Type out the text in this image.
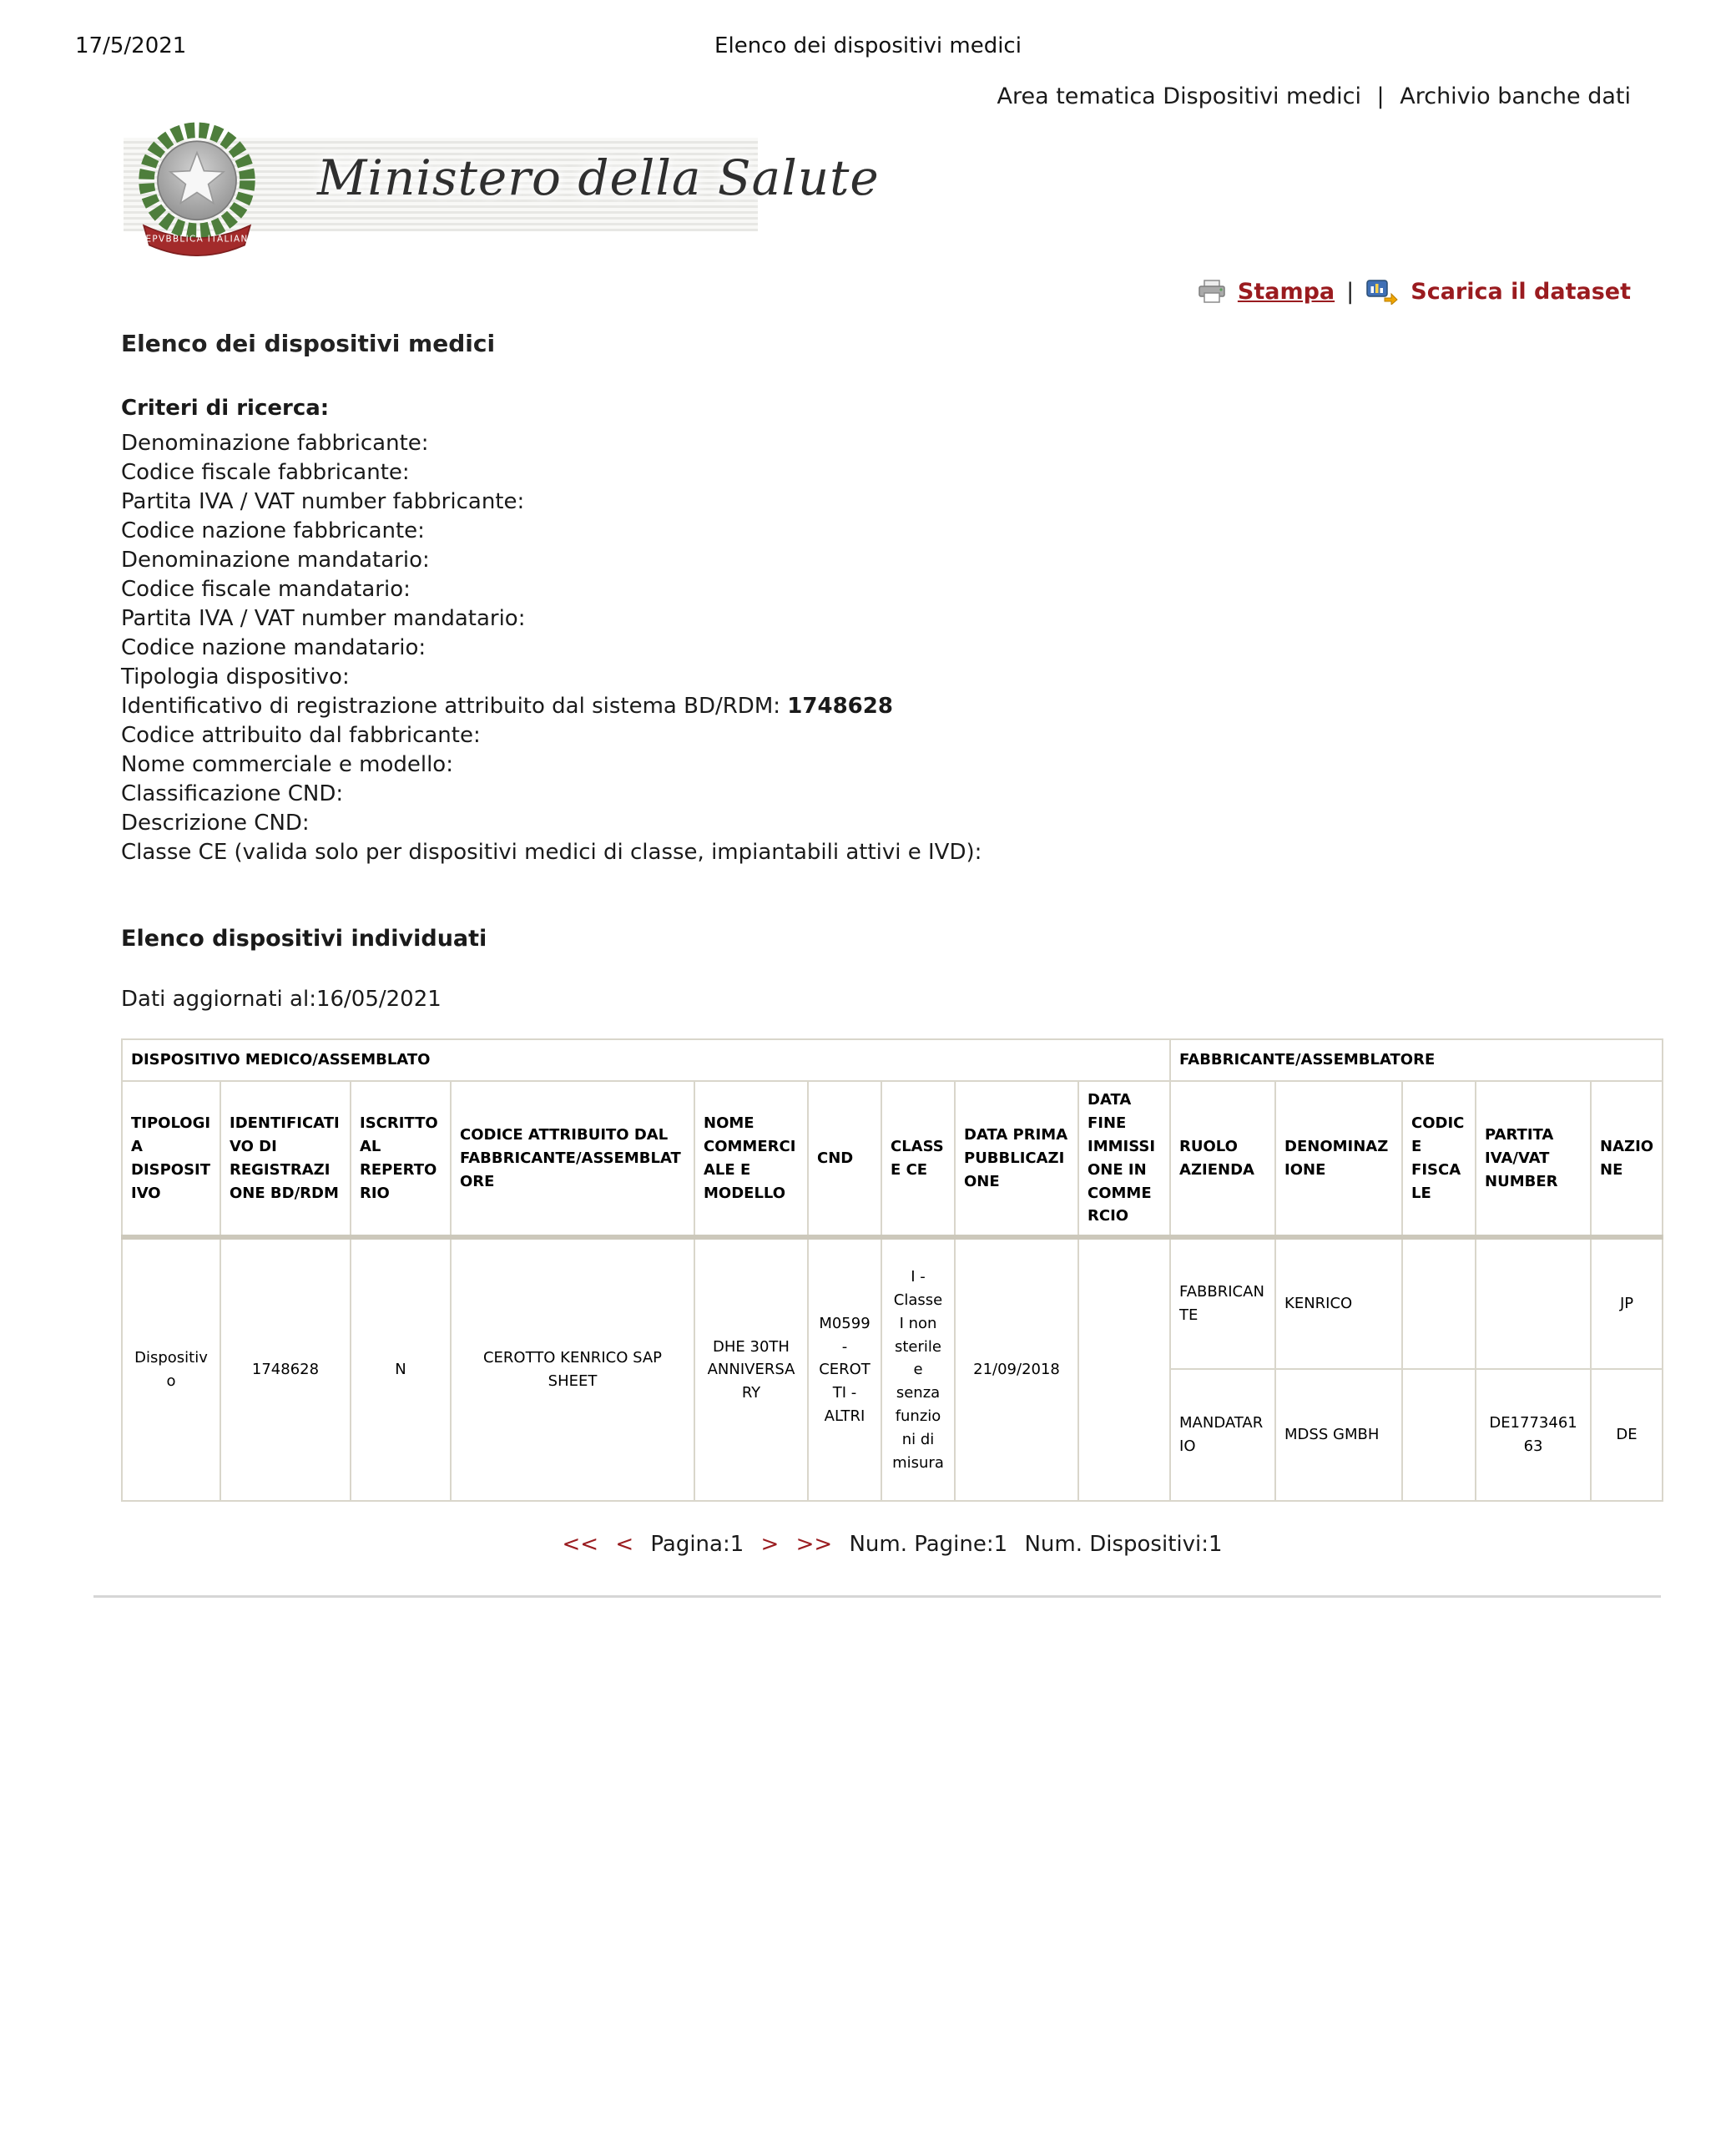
17/5/2021	Elenco dei dispositivi medici
Area tematica Dispositivi medici | Archivio banche dati
REPVBBLICA ITALIANA
Ministero della Salute
Stampa |	Scarica il dataset
Elenco dei dispositivi medici
Criteri di ricerca:
Denominazione fabbricante:
Codice fiscale fabbricante:
Partita IVA / VAT number fabbricante:
Codice nazione fabbricante:
Denominazione mandatario:
Codice fiscale mandatario:
Partita IVA / VAT number mandatario:
Codice nazione mandatario:
Tipologia dispositivo:
Identificativo di registrazione attribuito dal sistema BD/RDM: 1748628
Codice attribuito dal fabbricante:
Nome commerciale e modello:
Classificazione CND:
Descrizione CND:
Classe CE (valida solo per dispositivi medici di classe, impiantabili attivi e IVD):
Elenco dispositivi individuati
Dati aggiornati al:16/05/2021
DISPOSITIVO MEDICO/ASSEMBLATO									FABBRICANTE/ASSEMBLATORE				
TIPOLOGIA DISPOSITIVO	IDENTIFICATIVO DI REGISTRAZIONE BD/RDM	ISCRITTO AL REPERTORIO	CODICE ATTRIBUITO DAL FABBRICANTE/ASSEMBLATORE	NOME COMMERCIALE E MODELLO	CND	CLASSE CE	DATA PRIMA PUBBLICAZIONE	DATA FINE IMMISSIONE IN COMMERCIO	RUOLO AZIENDA	DENOMINAZIONE	CODICE FISCALE	PARTITA IVA/VAT NUMBER	NAZIONE
Dispositivo	1748628	N	CEROTTO KENRICO SAP SHEET	DHE 30TH ANNIVERSARY	M0599 - CEROTTI - ALTRI	I - Classe I non sterile e senza funzioni di misura	21/09/2018		FABBRICANTE	KENRICO			JP
									MANDATARIO	MDSS GMBH		DE177346163	DE
<< < Pagina:1 > >> Num. Pagine:1 Num. Dispositivi:1
